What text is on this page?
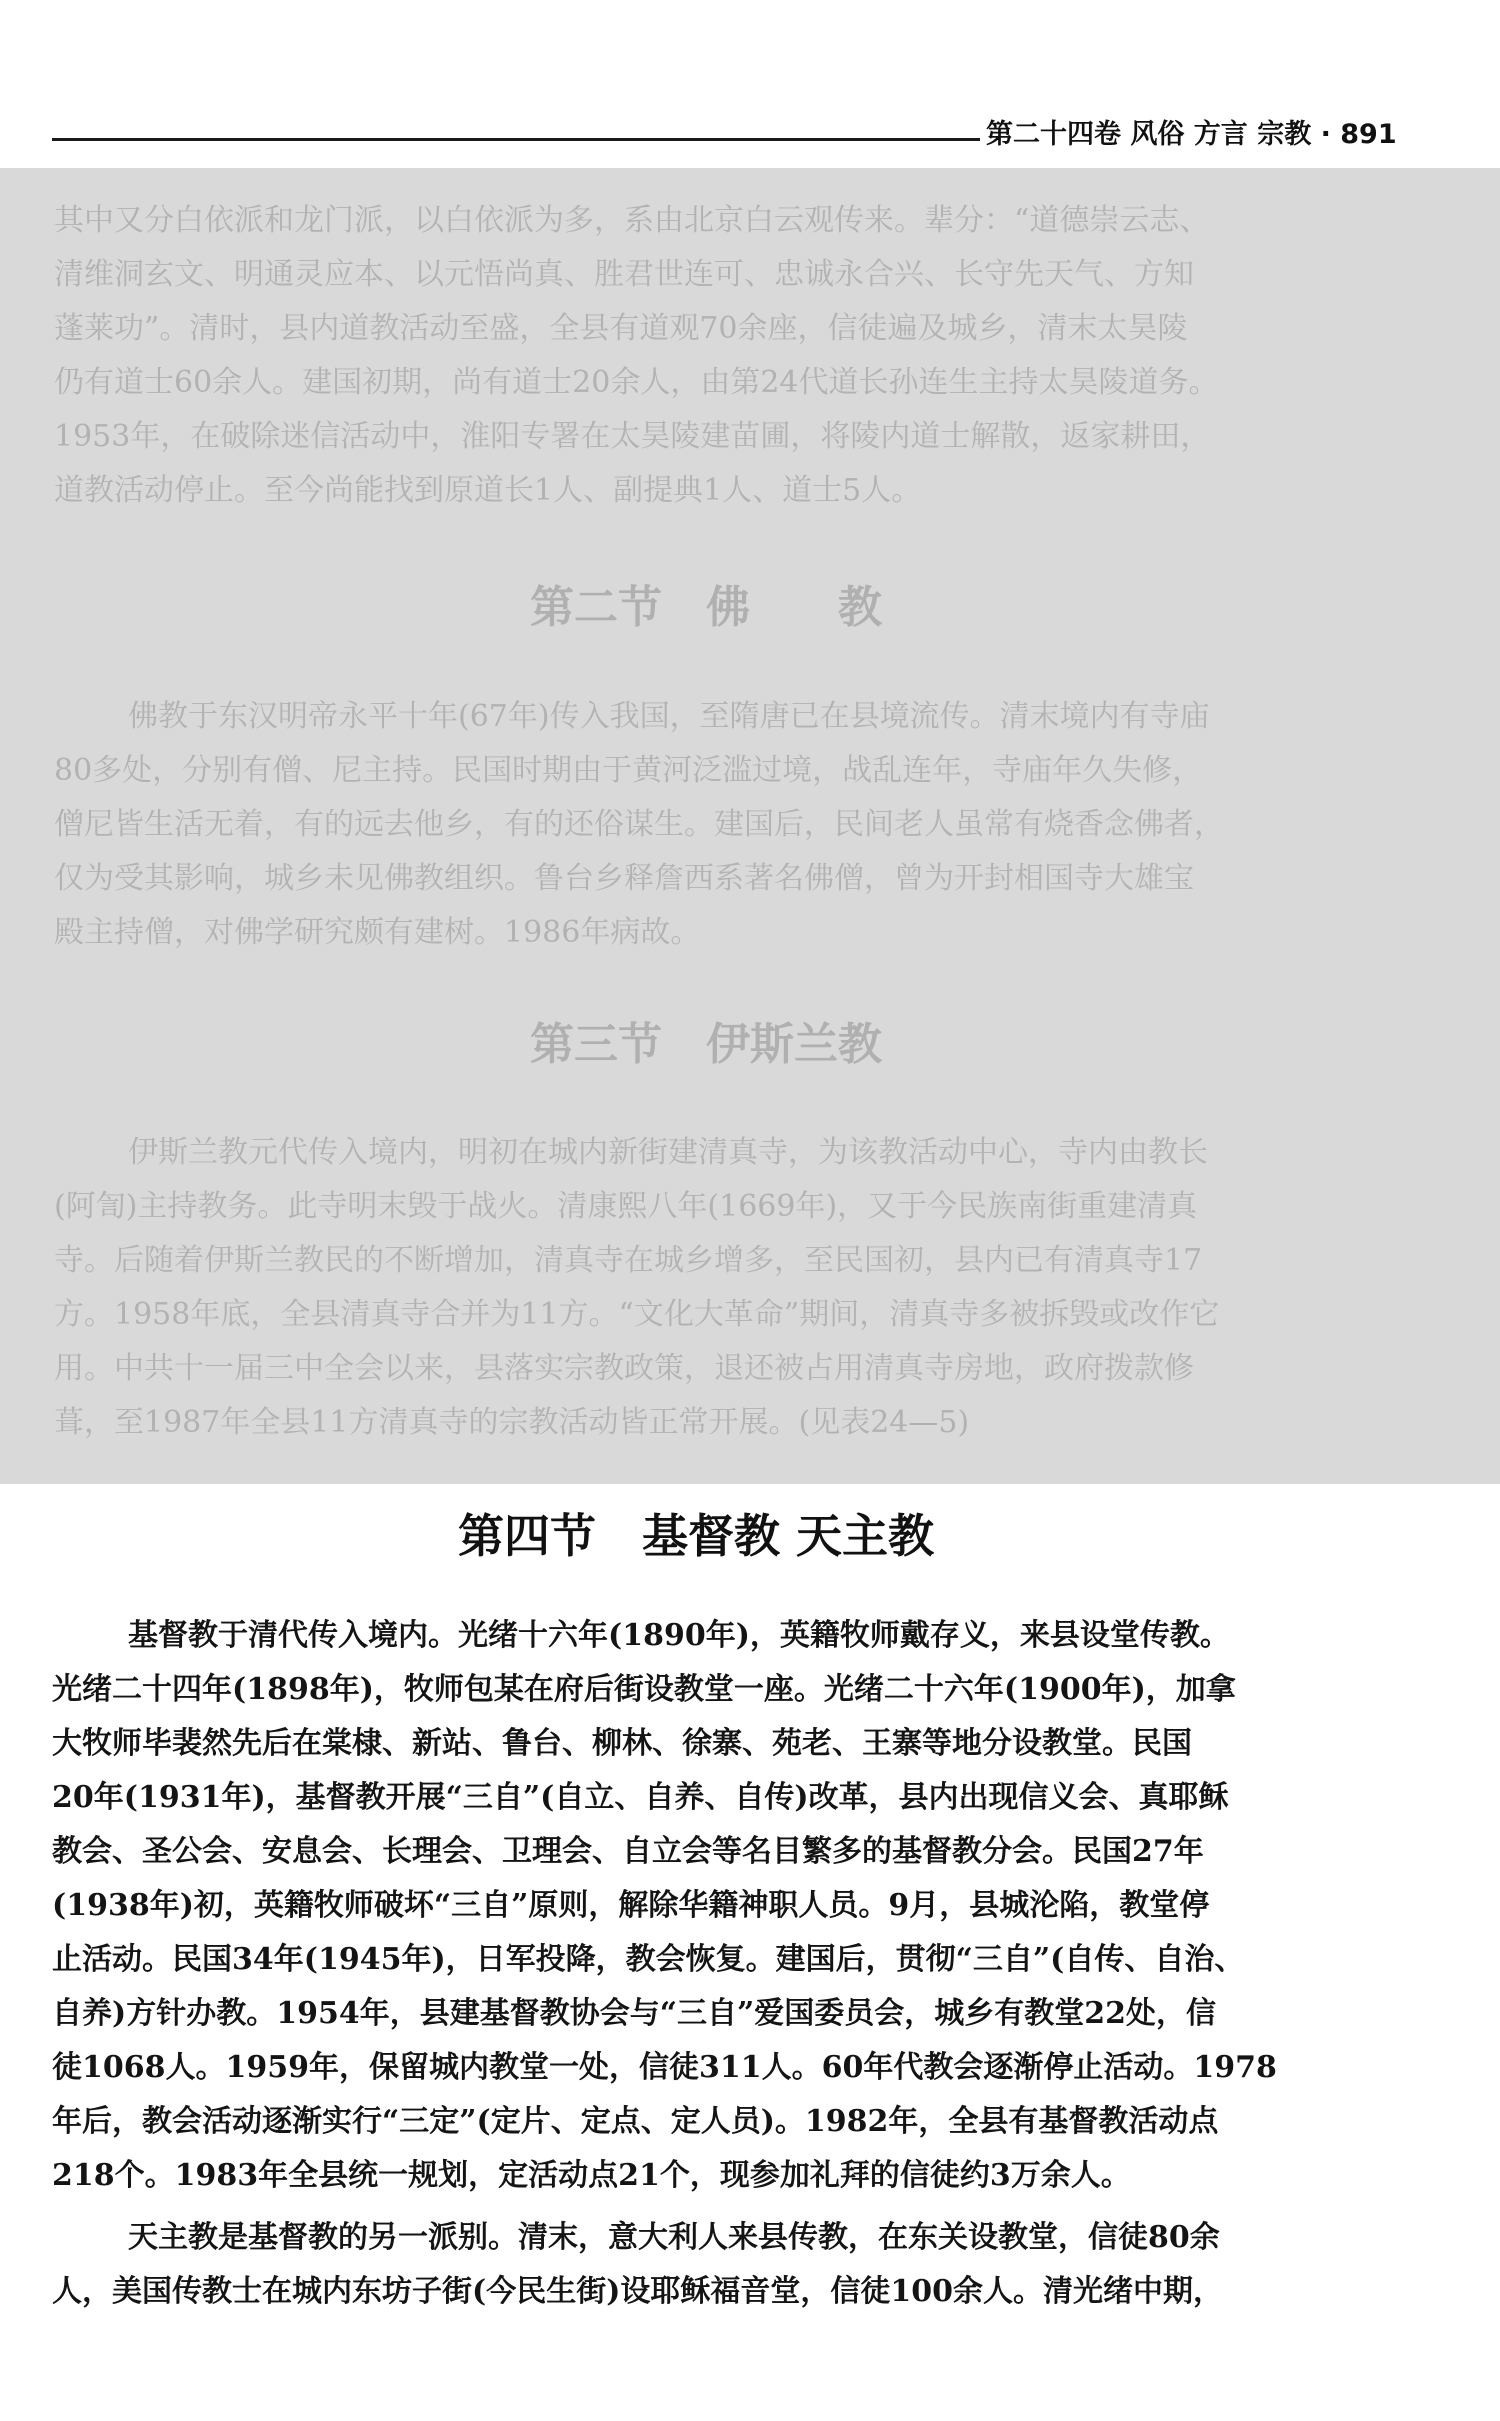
第二十四卷 风俗 方言 宗教 · 891
其中又分白依派和龙门派，以白依派为多，系由北京白云观传来。辈分：“道德崇云志、
清维洞玄文、明通灵应本、以元悟尚真、胜君世连可、忠诚永合兴、长守先天气、方知
蓬莱功”。清时，县内道教活动至盛，全县有道观70余座，信徒遍及城乡，清末太昊陵
仍有道士60余人。建国初期，尚有道士20余人，由第24代道长孙连生主持太昊陵道务。
1953年，在破除迷信活动中，淮阳专署在太昊陵建苗圃，将陵内道士解散，返家耕田，
道教活动停止。至今尚能找到原道长1人、副提典1人、道士5人。
第二节　佛　　教
佛教于东汉明帝永平十年(67年)传入我国，至隋唐已在县境流传。清末境内有寺庙
80多处，分别有僧、尼主持。民国时期由于黄河泛滥过境，战乱连年，寺庙年久失修，
僧尼皆生活无着，有的远去他乡，有的还俗谋生。建国后，民间老人虽常有烧香念佛者，
仅为受其影响，城乡未见佛教组织。鲁台乡释詹西系著名佛僧，曾为开封相国寺大雄宝
殿主持僧，对佛学研究颇有建树。1986年病故。
第三节　伊斯兰教
伊斯兰教元代传入境内，明初在城内新街建清真寺，为该教活动中心，寺内由教长
(阿訇)主持教务。此寺明末毁于战火。清康熙八年(1669年)，又于今民族南街重建清真
寺。后随着伊斯兰教民的不断增加，清真寺在城乡增多，至民国初，县内已有清真寺17
方。1958年底，全县清真寺合并为11方。“文化大革命”期间，清真寺多被拆毁或改作它
用。中共十一届三中全会以来，县落实宗教政策，退还被占用清真寺房地，政府拨款修
葺，至1987年全县11方清真寺的宗教活动皆正常开展。(见表24—5)
第四节　基督教 天主教
基督教于清代传入境内。光绪十六年(1890年)，英籍牧师戴存义，来县设堂传教。
光绪二十四年(1898年)，牧师包某在府后街设教堂一座。光绪二十六年(1900年)，加拿
大牧师毕裴然先后在棠棣、新站、鲁台、柳林、徐寨、苑老、王寨等地分设教堂。民国
20年(1931年)，基督教开展“三自”(自立、自养、自传)改革，县内出现信义会、真耶稣
教会、圣公会、安息会、长理会、卫理会、自立会等名目繁多的基督教分会。民国27年
(1938年)初，英籍牧师破坏“三自”原则，解除华籍神职人员。9月，县城沦陷，教堂停
止活动。民国34年(1945年)，日军投降，教会恢复。建国后，贯彻“三自”(自传、自治、
自养)方针办教。1954年，县建基督教协会与“三自”爱国委员会，城乡有教堂22处，信
徒1068人。1959年，保留城内教堂一处，信徒311人。60年代教会逐渐停止活动。1978
年后，教会活动逐渐实行“三定”(定片、定点、定人员)。1982年，全县有基督教活动点
218个。1983年全县统一规划，定活动点21个，现参加礼拜的信徒约3万余人。
天主教是基督教的另一派别。清末，意大利人来县传教，在东关设教堂，信徒80余
人，美国传教士在城内东坊子街(今民生街)设耶稣福音堂，信徒100余人。清光绪中期，
